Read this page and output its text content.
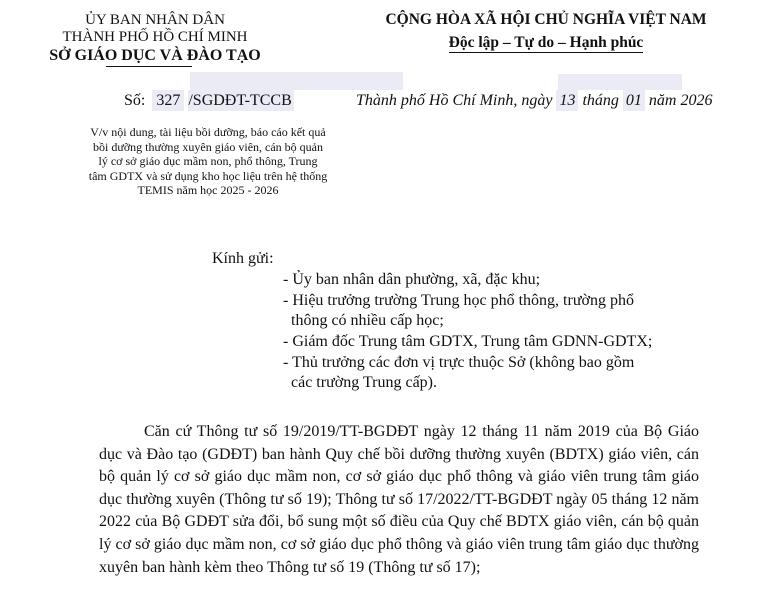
ỦY BAN NHÂN DÂN
THÀNH PHỐ HỒ CHÍ MINH
SỞ GIÁO DỤC VÀ ĐÀO TẠO
CỘNG HÒA XÃ HỘI CHỦ NGHĨA VIỆT NAM
Độc lập – Tự do – Hạnh phúc
Số: 327 /SGDĐT-TCCB	Thành phố Hồ Chí Minh, ngày 13 tháng 01 năm 2026
V/v nội dung, tài liệu bồi dưỡng, báo cáo kết quả bồi dưỡng thường xuyên giáo viên, cán bộ quản lý cơ sở giáo dục mầm non, phổ thông, Trung tâm GDTX và sử dụng kho học liệu trên hệ thống TEMIS năm học 2025 - 2026
Kính gửi:
- Ủy ban nhân dân phường, xã, đặc khu;
- Hiệu trưởng trường Trung học phổ thông, trường phổ
thông có nhiều cấp học;
- Giám đốc Trung tâm GDTX, Trung tâm GDNN-GDTX;
- Thủ trưởng các đơn vị trực thuộc Sở (không bao gồm
các trường Trung cấp).
Căn cứ Thông tư số 19/2019/TT-BGDĐT ngày 12 tháng 11 năm 2019 của Bộ Giáo dục và Đào tạo (GDĐT) ban hành Quy chế bồi dưỡng thường xuyên (BDTX) giáo viên, cán bộ quản lý cơ sở giáo dục mầm non, cơ sở giáo dục phổ thông và giáo viên trung tâm giáo dục thường xuyên (Thông tư số 19); Thông tư số 17/2022/TT-BGDĐT ngày 05 tháng 12 năm 2022 của Bộ GDĐT sửa đổi, bổ sung một số điều của Quy chế BDTX giáo viên, cán bộ quản lý cơ sở giáo dục mầm non, cơ sở giáo dục phổ thông và giáo viên trung tâm giáo dục thường xuyên ban hành kèm theo Thông tư số 19 (Thông tư số 17);
